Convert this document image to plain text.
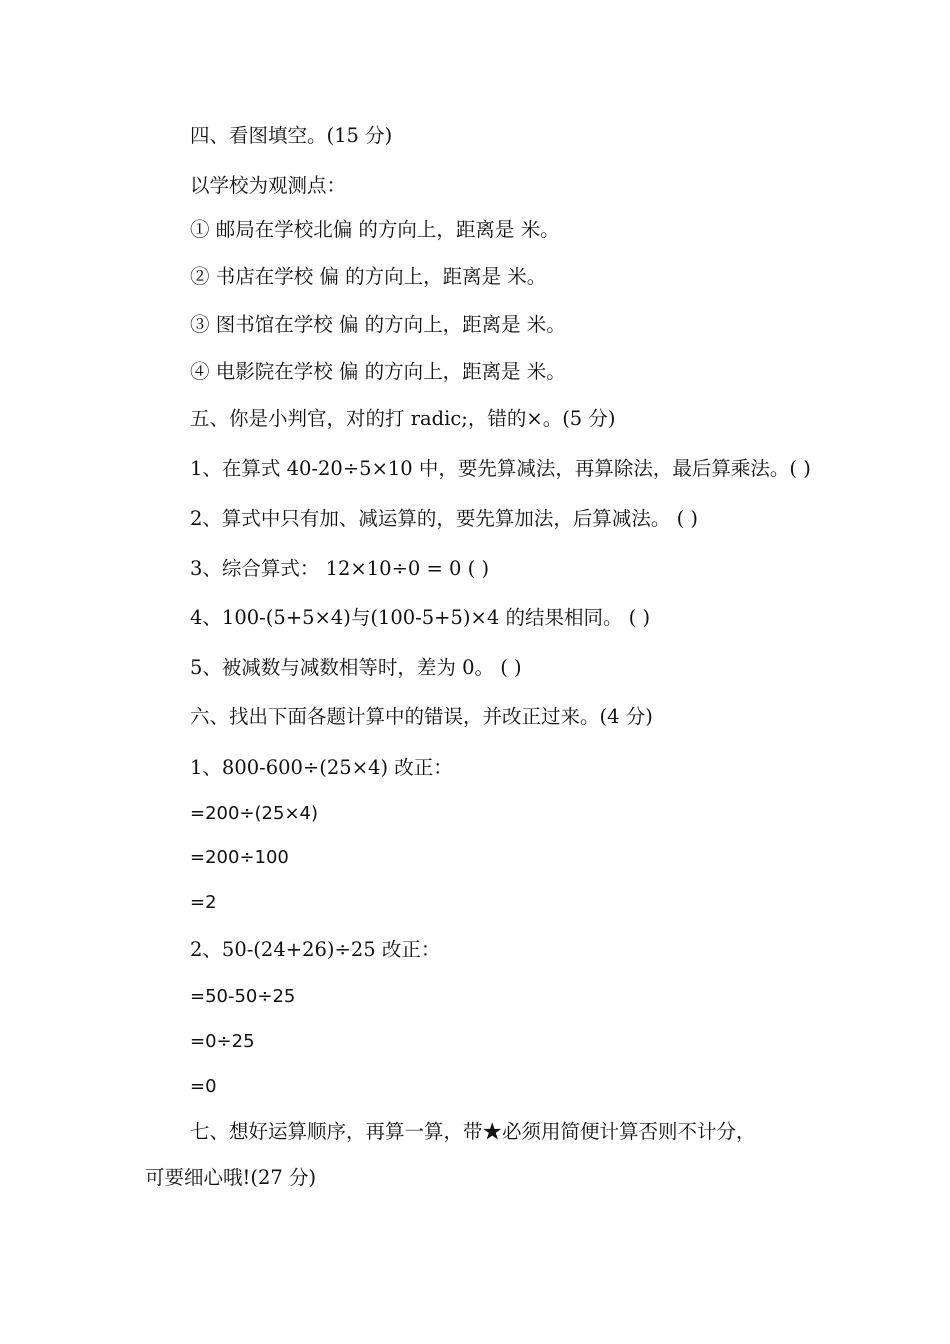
四、看图填空。(15 分)
以学校为观测点：
① 邮局在学校北偏 的方向上，距离是 米。
② 书店在学校 偏 的方向上，距离是 米。
③ 图书馆在学校 偏 的方向上，距离是 米。
④ 电影院在学校 偏 的方向上，距离是 米。
五、你是小判官，对的打 radic;，错的×。(5 分)
1、在算式 40-20÷5×10 中，要先算减法，再算除法，最后算乘法。( )
2、算式中只有加、减运算的，要先算加法，后算减法。 ( )
3、综合算式： 12×10÷0 = 0 ( )
4、100-(5+5×4)与(100-5+5)×4 的结果相同。 ( )
5、被减数与减数相等时，差为 0。 ( )
六、找出下面各题计算中的错误，并改正过来。(4 分)
1、800-600÷(25×4) 改正：
=200÷(25×4)
=200÷100
=2
2、50-(24+26)÷25 改正：
=50-50÷25
=0÷25
=0
七、想好运算顺序，再算一算，带★必须用简便计算否则不计分，
可要细心哦!(27 分)
